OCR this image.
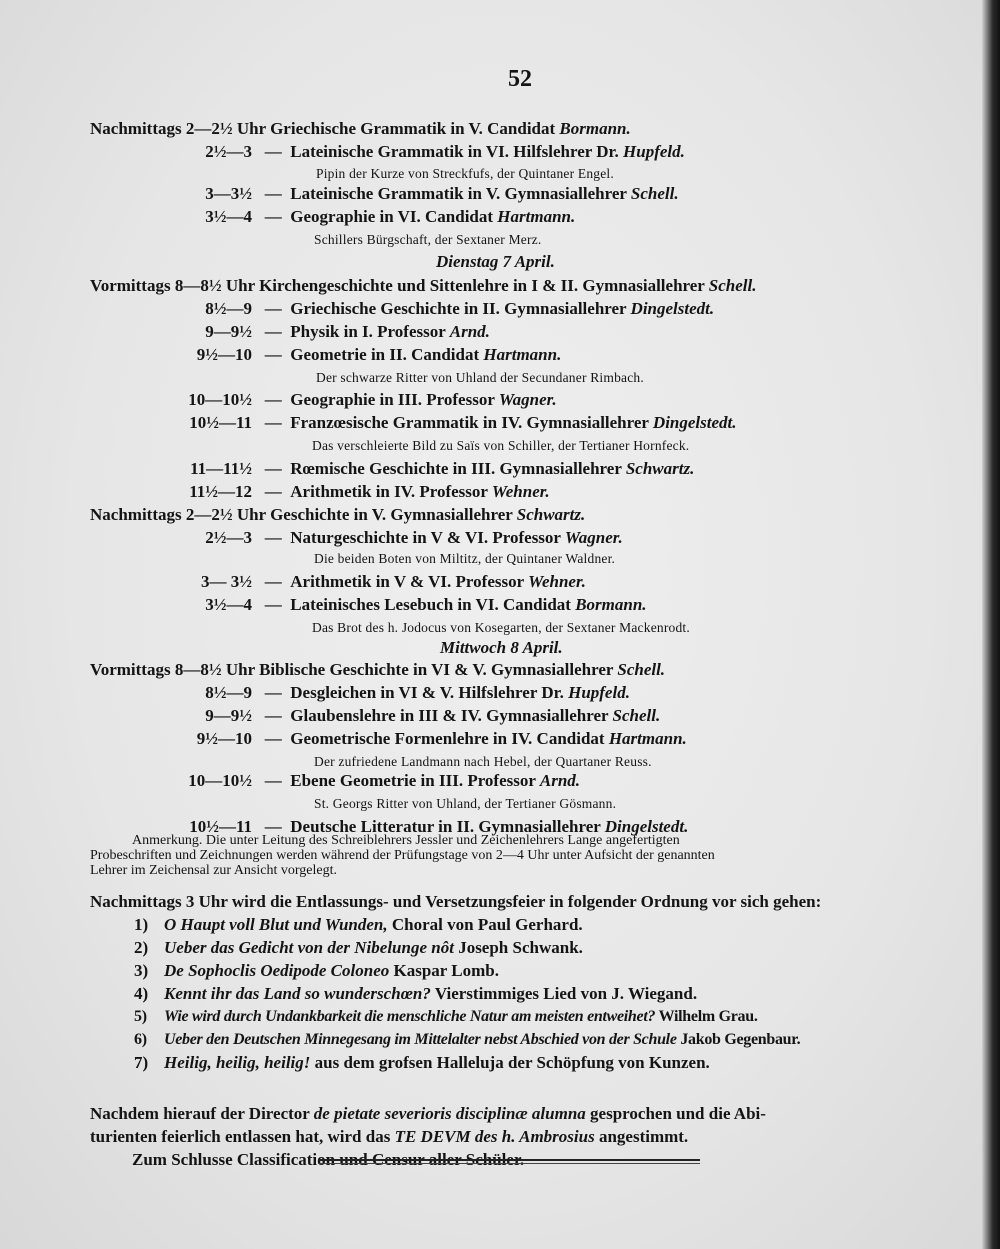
52
Nachmittags 2—2½ Uhr Griechische Grammatik in V. Candidat Bormann.
2½—3 — Lateinische Grammatik in VI. Hilfslehrer Dr. Hupfeld.
Pipin der Kurze von Streckfufs, der Quintaner Engel.
3—3½ — Lateinische Grammatik in V. Gymnasiallehrer Schell.
3½—4 — Geographie in VI. Candidat Hartmann.
Schillers Bürgschaft, der Sextaner Merz.
Dienstag 7 April.
Vormittags 8—8½ Uhr Kirchengeschichte und Sittenlehre in I & II. Gymnasiallehrer Schell.
8½—9 — Griechische Geschichte in II. Gymnasiallehrer Dingelstedt.
9—9½ — Physik in I. Professor Arnd.
9½—10 — Geometrie in II. Candidat Hartmann.
Der schwarze Ritter von Uhland der Secundaner Rimbach.
10—10½ — Geographie in III. Professor Wagner.
10½—11 — Franzœsische Grammatik in IV. Gymnasiallehrer Dingelstedt.
Das verschleierte Bild zu Saïs von Schiller, der Tertianer Hornfeck.
11—11½ — Rœmische Geschichte in III. Gymnasiallehrer Schwartz.
11½—12 — Arithmetik in IV. Professor Wehner.
Nachmittags 2—2½ Uhr Geschichte in V. Gymnasiallehrer Schwartz.
2½—3 — Naturgeschichte in V & VI. Professor Wagner.
Die beiden Boten von Miltitz, der Quintaner Waldner.
3— 3½ — Arithmetik in V & VI. Professor Wehner.
3½—4 — Lateinisches Lesebuch in VI. Candidat Bormann.
Das Brot des h. Jodocus von Kosegarten, der Sextaner Mackenrodt.
Mittwoch 8 April.
Vormittags 8—8½ Uhr Biblische Geschichte in VI & V. Gymnasiallehrer Schell.
8½—9 — Desgleichen in VI & V. Hilfslehrer Dr. Hupfeld.
9—9½ — Glaubenslehre in III & IV. Gymnasiallehrer Schell.
9½—10 — Geometrische Formenlehre in IV. Candidat Hartmann.
Der zufriedene Landmann nach Hebel, der Quartaner Reuss.
10—10½ — Ebene Geometrie in III. Professor Arnd.
St. Georgs Ritter von Uhland, der Tertianer Gösmann.
10½—11 — Deutsche Litteratur in II. Gymnasiallehrer Dingelstedt.
Anmerkung. Die unter Leitung des Schreiblehrers Jessler und Zeichenlehrers Lange angefertigten
Probeschriften und Zeichnungen werden während der Prüfungstage von 2—4 Uhr unter Aufsicht der genannten
Lehrer im Zeichensal zur Ansicht vorgelegt.
Nachmittags 3 Uhr wird die Entlassungs- und Versetzungsfeier in folgender Ordnung vor sich gehen:
1) O Haupt voll Blut und Wunden, Choral von Paul Gerhard.
2) Ueber das Gedicht von der Nibelunge nôt Joseph Schwank.
3) De Sophoclis Oedipode Coloneo Kaspar Lomb.
4) Kennt ihr das Land so wunderschœn? Vierstimmiges Lied von J. Wiegand.
5) Wie wird durch Undankbarkeit die menschliche Natur am meisten entweihet? Wilhelm Grau.
6) Ueber den Deutschen Minnegesang im Mittelalter nebst Abschied von der Schule Jakob Gegenbaur.
7) Heilig, heilig, heilig! aus dem grofsen Halleluja der Schöpfung von Kunzen.
Nachdem hierauf der Director de pietate severioris disciplinæ alumna gesprochen und die Abi-
turienten feierlich entlassen hat, wird das TE DEVM des h. Ambrosius angestimmt.
Zum Schlusse Classification und Censur aller Schüler.
